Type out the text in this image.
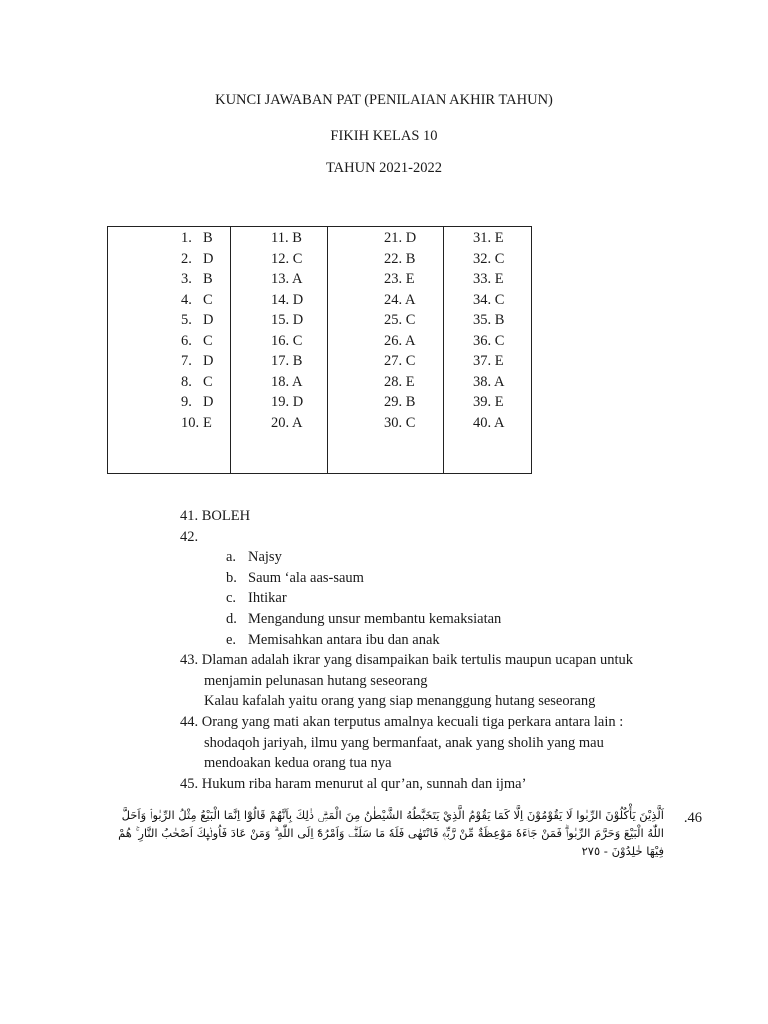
KUNCI JAWABAN PAT (PENILAIAN AKHIR TAHUN)
FIKIH KELAS 10
TAHUN 2021-2022
1. B
2. D
3. B
4. C
5. D
6. C
7. D
8. C
9. D
10. E
11. B
12. C
13. A
14. D
15. D
16. C
17. B
18. A
19. D
20. A
21. D
22. B
23. E
24. A
25. C
26. A
27. C
28. E
29. B
30. C
31. E
32. C
33. E
34. C
35. B
36. C
37. E
38. A
39. E
40. A

41. BOLEH

42.

a. Najsy
b. Saum ‘ala aas-saum
c. Ihtikar
d. Mengandung unsur membantu kemaksiatan
e. Memisahkan antara ibu dan anak

43. Dlaman adalah ikrar yang disampaikan baik tertulis maupun ucapan untuk

menjamin pelunasan hutang seseorang

Kalau kafalah yaitu orang yang siap menanggung hutang seseorang

44. Orang yang mati akan terputus amalnya kecuali tiga perkara antara lain :

shodaqoh jariyah, ilmu yang bermanfaat, anak yang sholih yang mau

mendoakan kedua orang tua nya

45. Hukum riba haram menurut al qur’an, sunnah dan ijma’

اَلَّذِيْنَ يَأْكُلُوْنَ الرِّبٰوا لَا يَقُوْمُوْنَ اِلَّا كَمَا يَقُوْمُ الَّذِيْ يَتَخَبَّطُهُ الشَّيْطٰنُ مِنَ الْمَسِّۗ ذٰلِكَ بِاَنَّهُمْ قَالُوْٓا اِنَّمَا الْبَيْعُ مِثْلُ الرِّبٰواۘ وَاَحَلَّ اللّٰهُ الْبَيْعَ وَحَرَّمَ الرِّبٰواۗ فَمَنْ جَاۤءَهٗ مَوْعِظَةٌ مِّنْ رَّبِّهٖ فَانْتَهٰى فَلَهٗ مَا سَلَفَۗ وَاَمْرُهٗٓ اِلَى اللّٰهِ ۗ وَمَنْ عَادَ فَاُولٰۤىِٕكَ اَصْحٰبُ النَّارِ ۚ هُمْ فِيْهَا خٰلِدُوْنَ - ٢٧٥
.46
